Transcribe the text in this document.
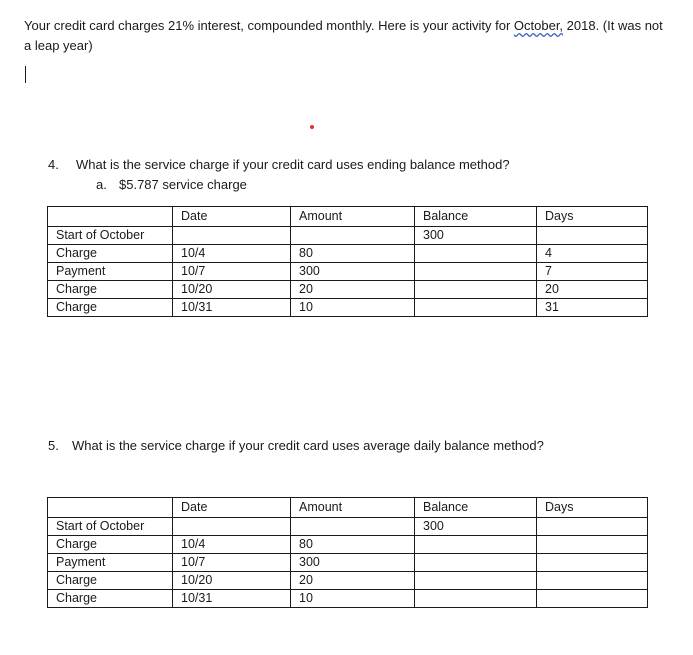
Your credit card charges 21% interest, compounded monthly. Here is your activity for October, 2018. (It was not a leap year)
4. What is the service charge if your credit card uses ending balance method?
a. $5.787 service charge
	Date	Amount	Balance	Days
Start of October			300	
Charge	10/4	80		4
Payment	10/7	300		7
Charge	10/20	20		20
Charge	10/31	10		31
5. What is the service charge if your credit card uses average daily balance method?
	Date	Amount	Balance	Days
Start of October			300	
Charge	10/4	80		
Payment	10/7	300		
Charge	10/20	20		
Charge	10/31	10		
